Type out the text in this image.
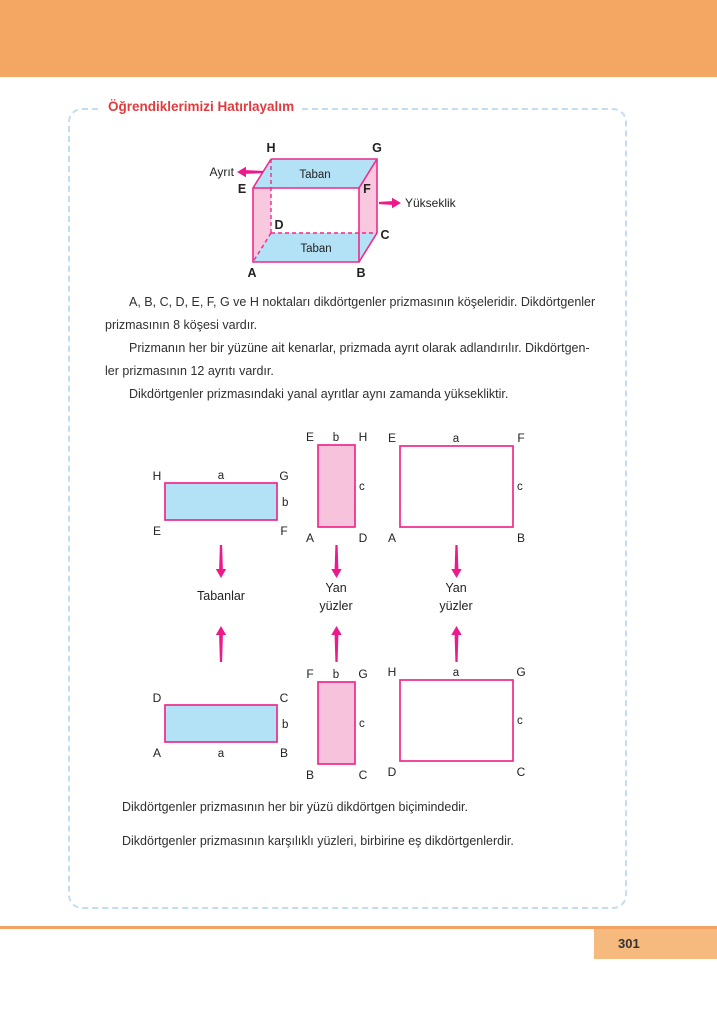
Öğrendiklerimizi Hatırlayalım
H	G
E	F
D
C
A	B
Taban
Taban
Ayrıt
Yükseklik
A, B, C, D, E, F, G ve H noktaları dikdörtgenler prizmasının köşeleridir. Dikdörtgenler
prizmasının 8 köşesi vardır.
Prizmanın her bir yüzüne ait kenarlar, prizmada ayrıt olarak adlandırılır. Dikdörtgen-
ler prizmasının 12 ayrıtı vardır.
Dikdörtgenler prizmasındaki yanal ayrıtlar aynı zamanda yüksekliktir.
H	G
E	F
a
b
Tabanlar
D	C
A	B
b
a
E	H
b
c
A	D
Yan
yüzler
F	G
b
c
B	C
E	F
a
c
A	B
Yan
yüzler
H	G
a
c
D	C

Dikdörtgenler prizmasının her bir yüzü dikdörtgen biçimindedir.

Dikdörtgenler prizmasının karşılıklı yüzleri, birbirine eş dikdörtgenlerdir.

301
